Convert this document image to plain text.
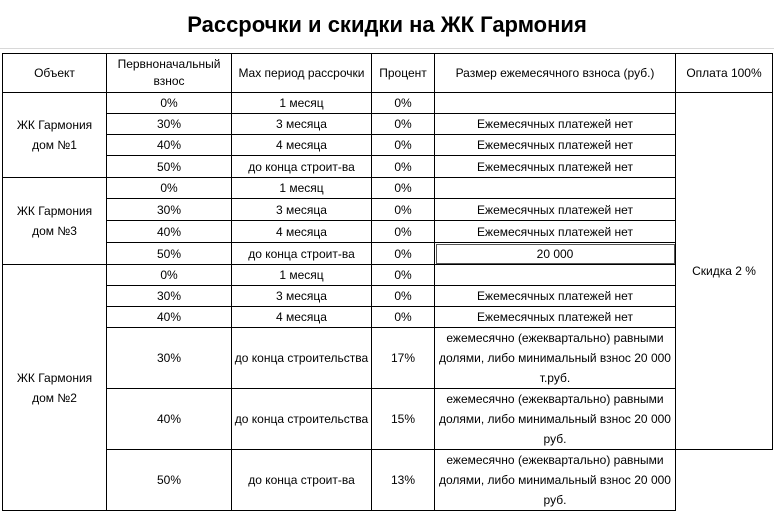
Рассрочки и скидки на ЖК Гармония
Объект	Первноначальный взнос	Max период рассрочки	Процент	Размер ежемесячного взноса (руб.)	Оплата 100%
ЖК Гармония дом №1	0%	1 месяц	0%		Скидка 2 %
	30%	3 месяца	0%	Ежемесячных платежей нет	
	40%	4 месяца	0%	Ежемесячных платежей нет	
	50%	до конца строит-ва	0%	Ежемесячных платежей нет	
ЖК Гармония дом №3	0%	1 месяц	0%		
	30%	3 месяца	0%	Ежемесячных платежей нет	
	40%	4 месяца	0%	Ежемесячных платежей нет	
	50%	до конца строит-ва	0%	20 000	
ЖК Гармония дом №2	0%	1 месяц	0%		
	30%	3 месяца	0%	Ежемесячных платежей нет	
	40%	4 месяца	0%	Ежемесячных платежей нет	
	30%	до конца строительства	17%	ежемесячно (ежеквартально) равными долями, либо минимальный взнос 20 000 т.руб.	
	40%	до конца строительства	15%	ежемесячно (ежеквартально) равными долями, либо минимальный взнос 20 000 руб.	
	50%	до конца строит-ва	13%	ежемесячно (ежеквартально) равными долями, либо минимальный взнос 20 000 руб.	
